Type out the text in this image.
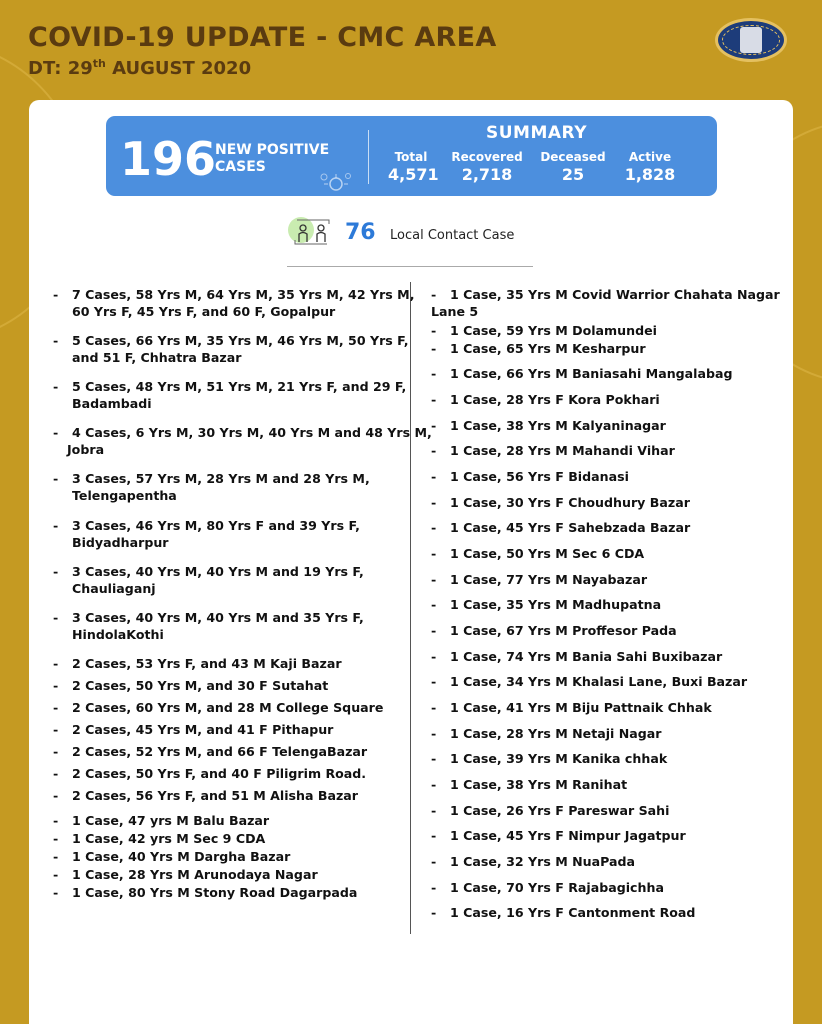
COVID-19 UPDATE - CMC AREA
DT: 29th AUGUST 2020
196
NEW POSITIVE CASES
SUMMARY
Total
4,571
Recovered
2,718
Deceased
25
Active
1,828
76 Local Contact Case
- 7 Cases, 58 Yrs M, 64 Yrs M, 35 Yrs M, 42 Yrs M,
60 Yrs F, 45 Yrs F, and 60 F, Gopalpur
- 5 Cases, 66 Yrs M, 35 Yrs M, 46 Yrs M, 50 Yrs F,
and 51 F, Chhatra Bazar
- 5 Cases, 48 Yrs M, 51 Yrs M, 21 Yrs F, and 29 F,
Badambadi
- 4 Cases, 6 Yrs M, 30 Yrs M, 40 Yrs M and 48 Yrs M,
Jobra
- 3 Cases, 57 Yrs M, 28 Yrs M and 28 Yrs M,
Telengapentha
- 3 Cases, 46 Yrs M, 80 Yrs F and 39 Yrs F,
Bidyadharpur
- 3 Cases, 40 Yrs M, 40 Yrs M and 19 Yrs F,
Chauliaganj
- 3 Cases, 40 Yrs M, 40 Yrs M and 35 Yrs F,
HindolaKothi
- 2 Cases, 53 Yrs F, and 43 M Kaji Bazar
- 2 Cases, 50 Yrs M, and 30 F Sutahat
- 2 Cases, 60 Yrs M, and 28 M College Square
- 2 Cases, 45 Yrs M, and 41 F Pithapur
- 2 Cases, 52 Yrs M, and 66 F TelengaBazar
- 2 Cases, 50 Yrs F, and 40 F Piligrim Road.
- 2 Cases, 56 Yrs F, and 51 M Alisha Bazar
- 1 Case, 47 yrs M Balu Bazar
- 1 Case, 42 yrs M Sec 9 CDA
- 1 Case, 40 Yrs M Dargha Bazar
- 1 Case, 28 Yrs M Arunodaya Nagar
- 1 Case, 80 Yrs M Stony Road Dagarpada
- 1 Case, 35 Yrs M Covid Warrior Chahata Nagar
Lane 5
- 1 Case, 59 Yrs M Dolamundei
- 1 Case, 65 Yrs M Kesharpur
- 1 Case, 66 Yrs M Baniasahi Mangalabag
- 1 Case, 28 Yrs F Kora Pokhari
- 1 Case, 38 Yrs M Kalyaninagar
- 1 Case, 28 Yrs M Mahandi Vihar
- 1 Case, 56 Yrs F Bidanasi
- 1 Case, 30 Yrs F Choudhury Bazar
- 1 Case, 45 Yrs F Sahebzada Bazar
- 1 Case, 50 Yrs M Sec 6 CDA
- 1 Case, 77 Yrs M Nayabazar
- 1 Case, 35 Yrs M Madhupatna
- 1 Case, 67 Yrs M Proffesor Pada
- 1 Case, 74 Yrs M Bania Sahi Buxibazar
- 1 Case, 34 Yrs M Khalasi Lane, Buxi Bazar
- 1 Case, 41 Yrs M Biju Pattnaik Chhak
- 1 Case, 28 Yrs M Netaji Nagar
- 1 Case, 39 Yrs M Kanika chhak
- 1 Case, 38 Yrs M Ranihat
- 1 Case, 26 Yrs F Pareswar Sahi
- 1 Case, 45 Yrs F Nimpur Jagatpur
- 1 Case, 32 Yrs M NuaPada
- 1 Case, 70 Yrs F Rajabagichha
- 1 Case, 16 Yrs F Cantonment Road
